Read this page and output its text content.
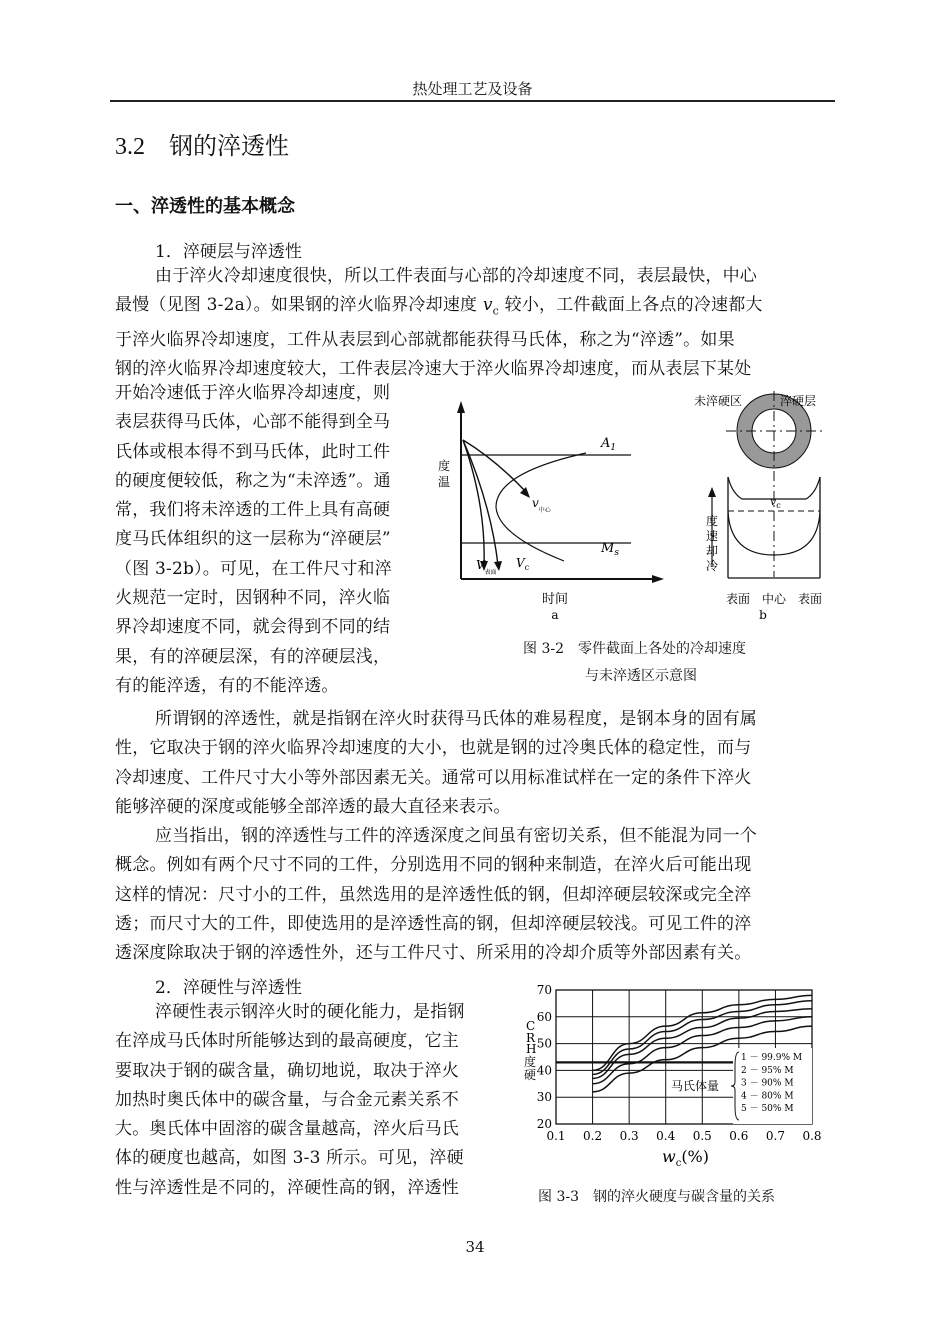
热处理工艺及设备
3.2 钢的淬透性
一、淬透性的基本概念
1．淬硬层与淬透性
由于淬火冷却速度很快，所以工件表面与心部的冷却速度不同，表层最快，中心
最慢（见图 3-2a）。如果钢的淬火临界冷却速度 $v_c$ 较小，工件截面上各点的冷速都大
于淬火临界冷却速度，工件从表层到心部就都能获得马氏体，称之为“淬透”。如果
钢的淬火临界冷却速度较大，工件表层冷速大于淬火临界冷却速度，而从表层下某处
开始冷速低于淬火临界冷却速度，则
表层获得马氏体，心部不能得到全马
氏体或根本得不到马氏体，此时工件
的硬度便较低，称之为“未淬透”。通
常，我们将未淬透的工件上具有高硬
度马氏体组织的这一层称为“淬硬层”
（图 3-2b）。可见，在工件尺寸和淬
火规范一定时，因钢种不同，淬火临
界冷却速度不同，就会得到不同的结
果，有的淬硬层深，有的淬硬层浅，
有的能淬透，有的不能淬透。
度
温
$A_1$
$M_s$
$v_{中心}$
$V_{表面}$
$V_c$
时间
a
度
速
却
冷
未淬硬区	淬硬层
$v_c$
表面　中心　表面
b
图 3-2　零件截面上各处的冷却速度
与未淬透区示意图
所谓钢的淬透性，就是指钢在淬火时获得马氏体的难易程度，是钢本身的固有属
性，它取决于钢的淬火临界冷却速度的大小，也就是钢的过冷奥氏体的稳定性，而与
冷却速度、工件尺寸大小等外部因素无关。通常可以用标准试样在一定的条件下淬火
能够淬硬的深度或能够全部淬透的最大直径来表示。
应当指出，钢的淬透性与工件的淬透深度之间虽有密切关系，但不能混为同一个
概念。例如有两个尺寸不同的工件，分别选用不同的钢种来制造，在淬火后可能出现
这样的情况：尺寸小的工件，虽然选用的是淬透性低的钢，但却淬硬层较深或完全淬
透；而尺寸大的工件，即使选用的是淬透性高的钢，但却淬硬层较浅。可见工件的淬
透深度除取决于钢的淬透性外，还与工件尺寸、所采用的冷却介质等外部因素有关。
2．淬硬性与淬透性
淬硬性表示钢淬火时的硬化能力，是指钢
在淬成马氏体时所能够达到的最高硬度，它主
要取决于钢的碳含量，确切地说，取决于淬火
加热时奥氏体中的碳含量，与合金元素关系不
大。奥氏体中固溶的碳含量越高，淬火后马氏
体的硬度也越高，如图 3-3 所示。可见，淬硬
性与淬透性是不同的，淬硬性高的钢，淬透性
0.1 0.2 0.3 0.4 0.5 0.6 0.7 0.8
20
30
40
50
60
70
马氏体量
1 － 99.9% M
2 － 95% M
3 － 90% M
4 － 80% M
5 － 50% M
C
R
H
度
硬
$w_c(\%)$
图 3-3　钢的淬火硬度与碳含量的关系
34
